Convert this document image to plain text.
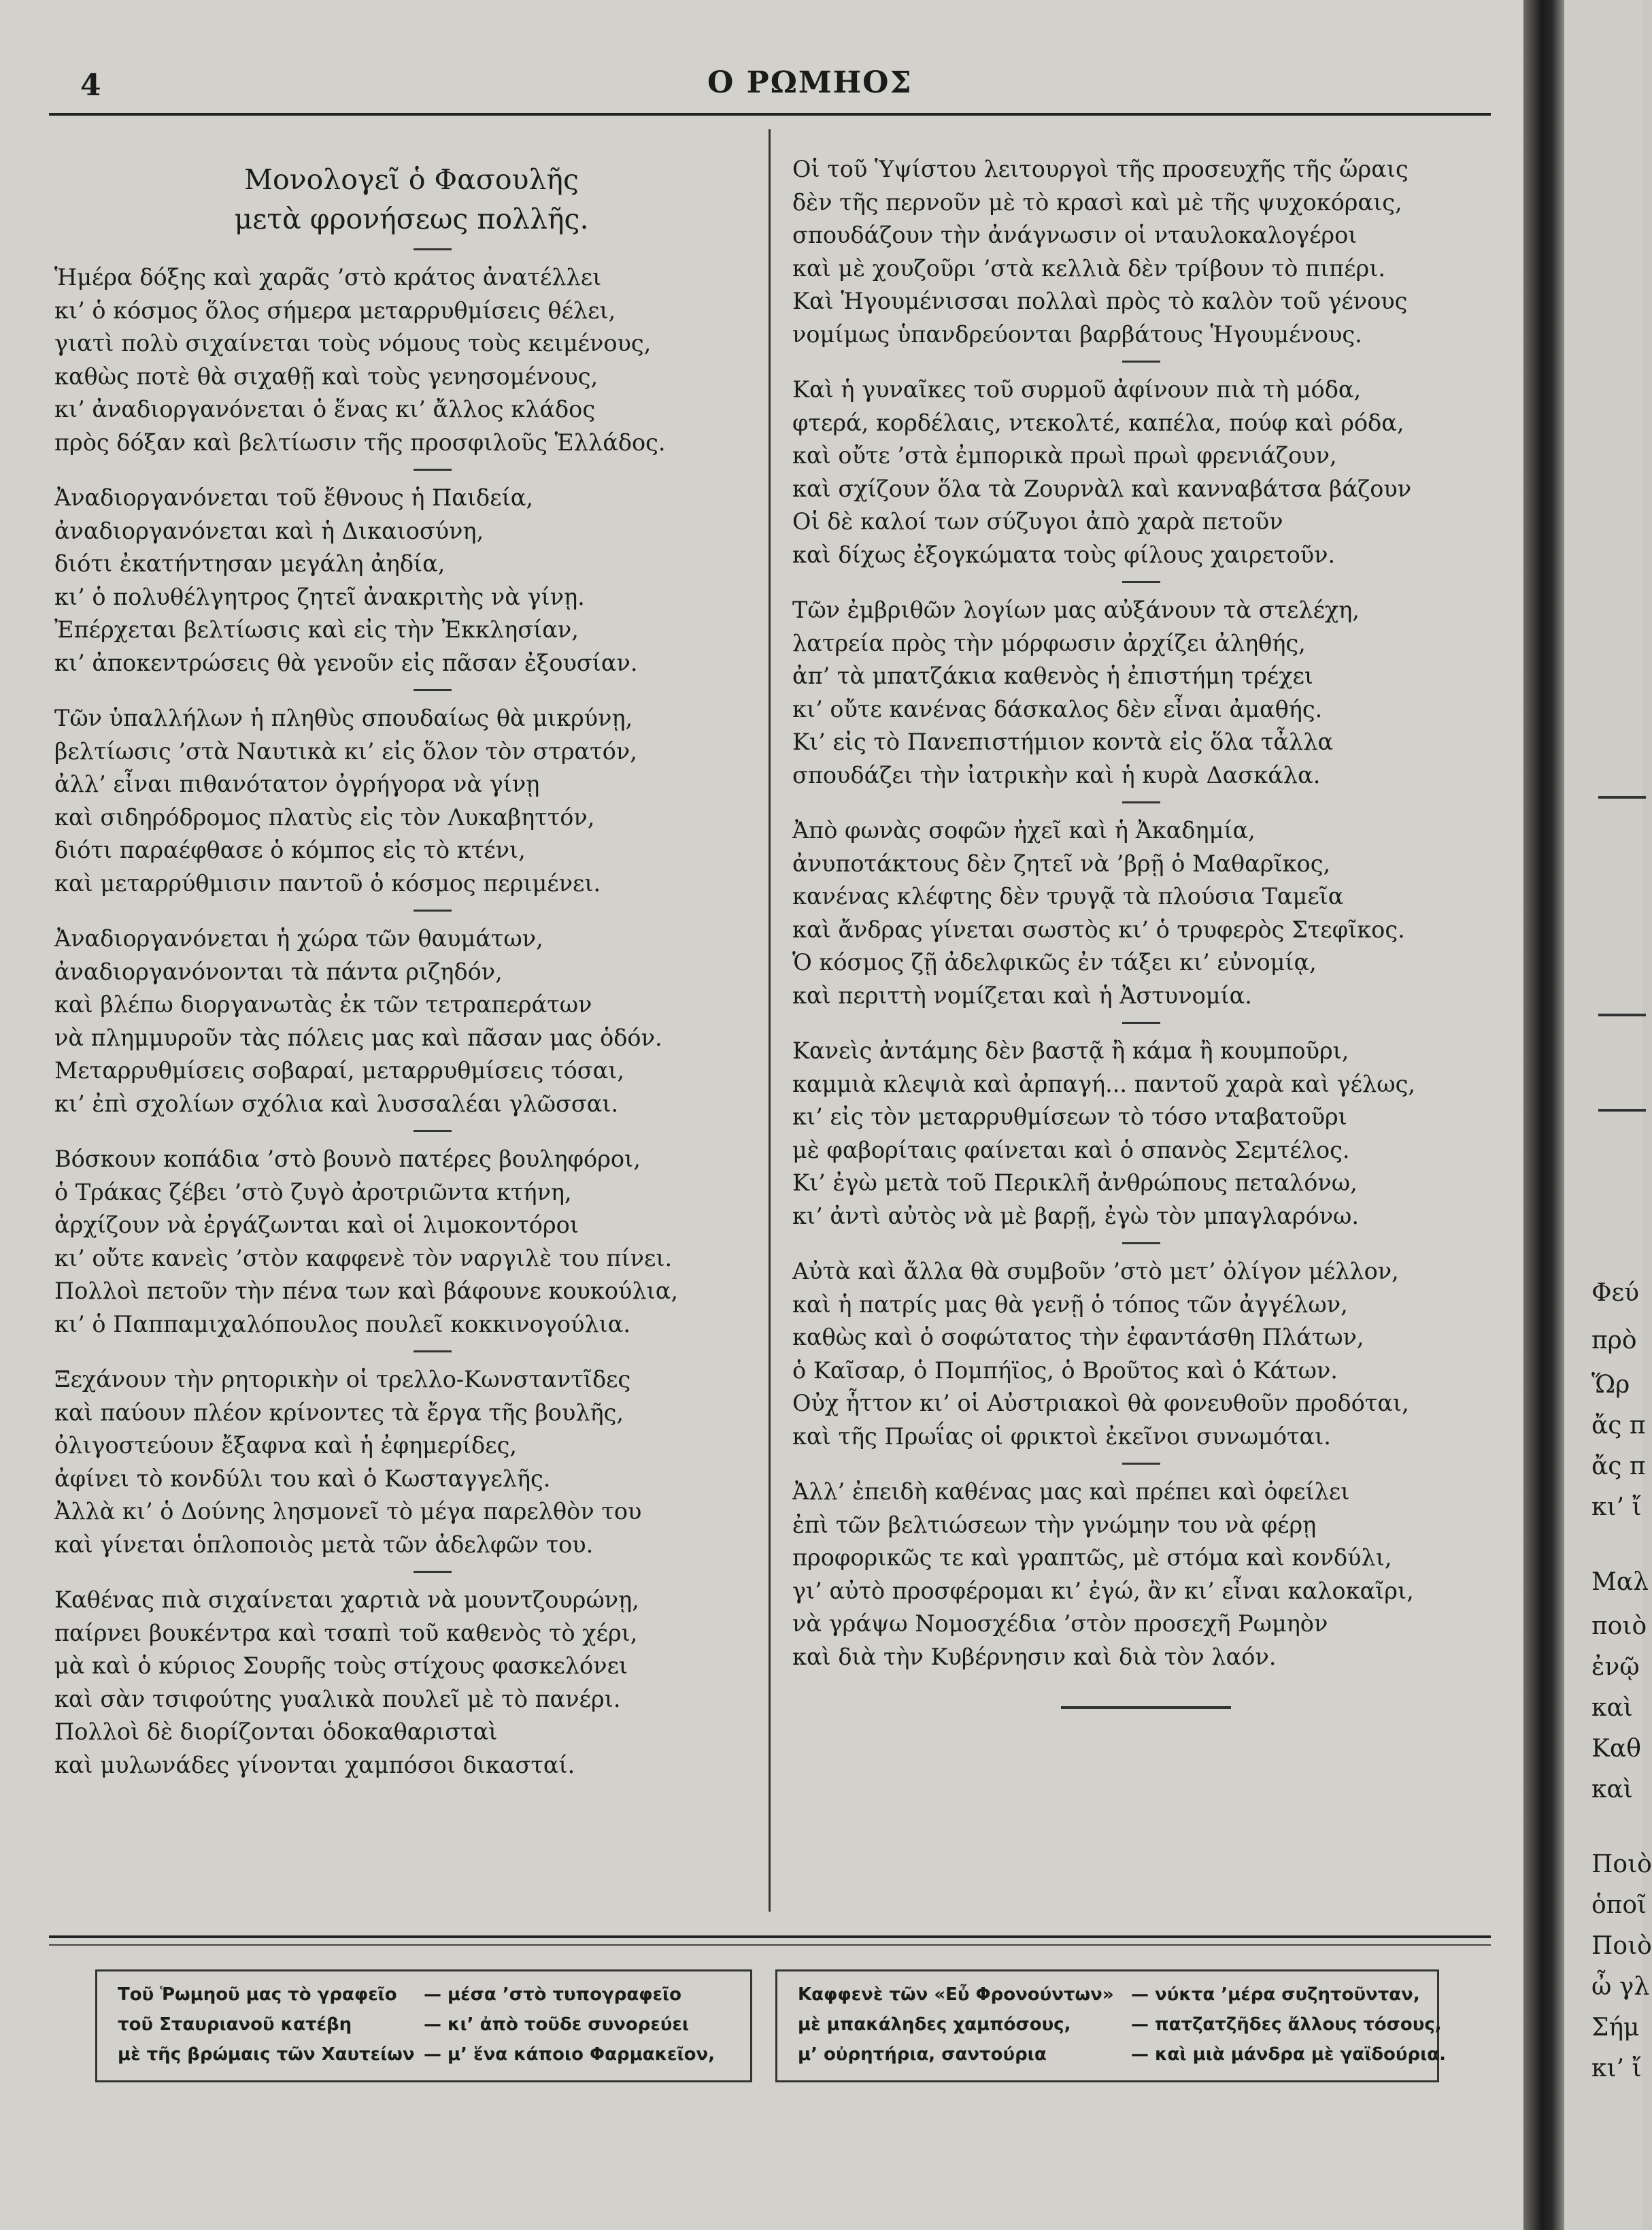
4	Ο ΡΩΜΗΟΣ
Μονολογεῖ ὁ Φασουλῆς
μετὰ φρονήσεως πολλῆς.
Ἡμέρα δόξης καὶ χαρᾶς ’στὸ κράτος ἀνατέλλει
κι’ ὁ κόσμος ὅλος σήμερα μεταρρυθμίσεις θέλει,
γιατὶ πολὺ σιχαίνεται τοὺς νόμους τοὺς κειμένους,
καθὼς ποτὲ θὰ σιχαθῇ καὶ τοὺς γενησομένους,
κι’ ἀναδιοργανόνεται ὁ ἕνας κι’ ἄλλος κλάδος
πρὸς δόξαν καὶ βελτίωσιν τῆς προσφιλοῦς Ἑλλάδος.
Ἀναδιοργανόνεται τοῦ ἔθνους ἡ Παιδεία,
ἀναδιοργανόνεται καὶ ἡ Δικαιοσύνη,
διότι ἐκατήντησαν μεγάλη ἀηδία,
κι’ ὁ πολυθέλγητρος ζητεῖ ἀνακριτὴς νὰ γίνῃ.
Ἐπέρχεται βελτίωσις καὶ εἰς τὴν Ἐκκλησίαν,
κι’ ἀποκεντρώσεις θὰ γενοῦν εἰς πᾶσαν ἐξουσίαν.
Τῶν ὑπαλλήλων ἡ πληθὺς σπουδαίως θὰ μικρύνῃ,
βελτίωσις ’στὰ Ναυτικὰ κι’ εἰς ὅλον τὸν στρατόν,
ἀλλ’ εἶναι πιθανότατον ὀγρήγορα νὰ γίνῃ
καὶ σιδηρόδρομος πλατὺς εἰς τὸν Λυκαβηττόν,
διότι παραέφθασε ὁ κόμπος εἰς τὸ κτένι,
καὶ μεταρρύθμισιν παντοῦ ὁ κόσμος περιμένει.
Ἀναδιοργανόνεται ἡ χώρα τῶν θαυμάτων,
ἀναδιοργανόνονται τὰ πάντα ριζηδόν,
καὶ βλέπω διοργανωτὰς ἐκ τῶν τετραπεράτων
νὰ πλημμυροῦν τὰς πόλεις μας καὶ πᾶσαν μας ὁδόν.
Μεταρρυθμίσεις σοβαραί, μεταρρυθμίσεις τόσαι,
κι’ ἐπὶ σχολίων σχόλια καὶ λυσσαλέαι γλῶσσαι.
Βόσκουν κοπάδια ’στὸ βουνὸ πατέρες βουληφόροι,
ὁ Τράκας ζέβει ’στὸ ζυγὸ ἀροτριῶντα κτήνη,
ἀρχίζουν νὰ ἐργάζωνται καὶ οἱ λιμοκοντόροι
κι’ οὔτε κανεὶς ’στὸν καφφενὲ τὸν ναργιλὲ του πίνει.
Πολλοὶ πετοῦν τὴν πένα των καὶ βάφουνε κουκούλια,
κι’ ὁ Παππαμιχαλόπουλος πουλεῖ κοκκινογούλια.
Ξεχάνουν τὴν ρητορικὴν οἱ τρελλο-Κωνσταντῖδες
καὶ παύουν πλέον κρίνοντες τὰ ἔργα τῆς βουλῆς,
ὀλιγοστεύουν ἔξαφνα καὶ ἡ ἐφημερίδες,
ἀφίνει τὸ κονδύλι του καὶ ὁ Κωσταγγελῆς.
Ἀλλὰ κι’ ὁ Δούνης λησμονεῖ τὸ μέγα παρελθὸν του
καὶ γίνεται ὁπλοποιὸς μετὰ τῶν ἀδελφῶν του.
Καθένας πιὰ σιχαίνεται χαρτιὰ νὰ μουντζουρώνῃ,
παίρνει βουκέντρα καὶ τσαπὶ τοῦ καθενὸς τὸ χέρι,
μὰ καὶ ὁ κύριος Σουρῆς τοὺς στίχους φασκελόνει
καὶ σὰν τσιφούτης γυαλικὰ πουλεῖ μὲ τὸ πανέρι.
Πολλοὶ δὲ διορίζονται ὁδοκαθαρισταὶ
καὶ μυλωνάδες γίνονται χαμπόσοι δικασταί.
Οἱ τοῦ Ὑψίστου λειτουργοὶ τῆς προσευχῆς τῆς ὥραις
δὲν τῆς περνοῦν μὲ τὸ κρασὶ καὶ μὲ τῆς ψυχοκόραις,
σπουδάζουν τὴν ἀνάγνωσιν οἱ νταυλοκαλογέροι
καὶ μὲ χουζοῦρι ’στὰ κελλιὰ δὲν τρίβουν τὸ πιπέρι.
Καὶ Ἡγουμένισσαι πολλαὶ πρὸς τὸ καλὸν τοῦ γένους
νομίμως ὑπανδρεύονται βαρβάτους Ἡγουμένους.
Καὶ ἡ γυναῖκες τοῦ συρμοῦ ἀφίνουν πιὰ τὴ μόδα,
φτερά, κορδέλαις, ντεκολτέ, καπέλα, πούφ καὶ ρόδα,
καὶ οὔτε ’στὰ ἐμπορικὰ πρωὶ πρωὶ φρενιάζουν,
καὶ σχίζουν ὅλα τὰ Ζουρνὰλ καὶ κανναβάτσα βάζουν
Οἱ δὲ καλοί των σύζυγοι ἀπὸ χαρὰ πετοῦν
καὶ δίχως ἐξογκώματα τοὺς φίλους χαιρετοῦν.
Τῶν ἐμβριθῶν λογίων μας αὐξάνουν τὰ στελέχη,
λατρεία πρὸς τὴν μόρφωσιν ἀρχίζει ἀληθής,
ἀπ’ τὰ μπατζάκια καθενὸς ἡ ἐπιστήμη τρέχει
κι’ οὔτε κανένας δάσκαλος δὲν εἶναι ἀμαθής.
Κι’ εἰς τὸ Πανεπιστήμιον κοντὰ εἰς ὅλα τἆλλα
σπουδάζει τὴν ἰατρικὴν καὶ ἡ κυρὰ Δασκάλα.
Ἀπὸ φωνὰς σοφῶν ἠχεῖ καὶ ἡ Ἀκαδημία,
ἀνυποτάκτους δὲν ζητεῖ νὰ ’βρῇ ὁ Μαθαρῖκος,
κανένας κλέφτης δὲν τρυγᾷ τὰ πλούσια Ταμεῖα
καὶ ἄνδρας γίνεται σωστὸς κι’ ὁ τρυφερὸς Στεφῖκος.
Ὁ κόσμος ζῇ ἀδελφικῶς ἐν τάξει κι’ εὐνομίᾳ,
καὶ περιττὴ νομίζεται καὶ ἡ Ἀστυνομία.
Κανεὶς ἀντάμης δὲν βαστᾷ ἢ κάμα ἢ κουμποῦρι,
καμμιὰ κλεψιὰ καὶ ἀρπαγή... παντοῦ χαρὰ καὶ γέλως,
κι’ εἰς τὸν μεταρρυθμίσεων τὸ τόσο νταβατοῦρι
μὲ φαβορίταις φαίνεται καὶ ὁ σπανὸς Σεμτέλος.
Κι’ ἐγὼ μετὰ τοῦ Περικλῆ ἀνθρώπους πεταλόνω,
κι’ ἀντὶ αὐτὸς νὰ μὲ βαρῇ, ἐγὼ τὸν μπαγλαρόνω.
Αὐτὰ καὶ ἄλλα θὰ συμβοῦν ’στὸ μετ’ ὀλίγον μέλλον,
καὶ ἡ πατρίς μας θὰ γενῇ ὁ τόπος τῶν ἀγγέλων,
καθὼς καὶ ὁ σοφώτατος τὴν ἐφαντάσθη Πλάτων,
ὁ Καῖσαρ, ὁ Πομπήϊος, ὁ Βροῦτος καὶ ὁ Κάτων.
Οὐχ ἧττον κι’ οἱ Αὐστριακοὶ θὰ φονευθοῦν προδόται,
καὶ τῆς Πρωΐας οἱ φρικτοὶ ἐκεῖνοι συνωμόται.
Ἀλλ’ ἐπειδὴ καθένας μας καὶ πρέπει καὶ ὀφείλει
ἐπὶ τῶν βελτιώσεων τὴν γνώμην του νὰ φέρῃ
προφορικῶς τε καὶ γραπτῶς, μὲ στόμα καὶ κονδύλι,
γι’ αὐτὸ προσφέρομαι κι’ ἐγώ, ἂν κι’ εἶναι καλοκαῖρι,
νὰ γράψω Νομοσχέδια ’στὸν προσεχῆ Ρωμηὸν
καὶ διὰ τὴν Κυβέρνησιν καὶ διὰ τὸν λαόν.
Τοῦ Ῥωμηοῦ μας τὸ γραφεῖο — μέσα ’στὸ τυπογραφεῖο
τοῦ Σταυριανοῦ κατέβη	— κι’ ἀπὸ τοῦδε συνορεύει
μὲ τῆς βρώμαις τῶν Χαυτείων — μ’ ἕνα κάποιο Φαρμακεῖον,
Καφφενὲ τῶν «Εὖ Φρονούντων» — νύκτα ’μέρα συζητοῦνταν,
μὲ μπακάληδες χαμπόσους,	— πατζατζῆδες ἄλλους τόσους,
μ’ οὐρητήρια, σαντούρια	— καὶ μιὰ μάνδρα μὲ γαϊδούρια.
Φεύ
πρὸ
Ὥρ
ἄς π
ἄς π
κι’ ἴ
Μαλ
ποιὸ
ἐνῷ
καὶ
Καθ
καὶ
Ποιὸ
ὁποῖ
Ποιὸ
ὦ γλ
Σήμ
κι’ ἴ
